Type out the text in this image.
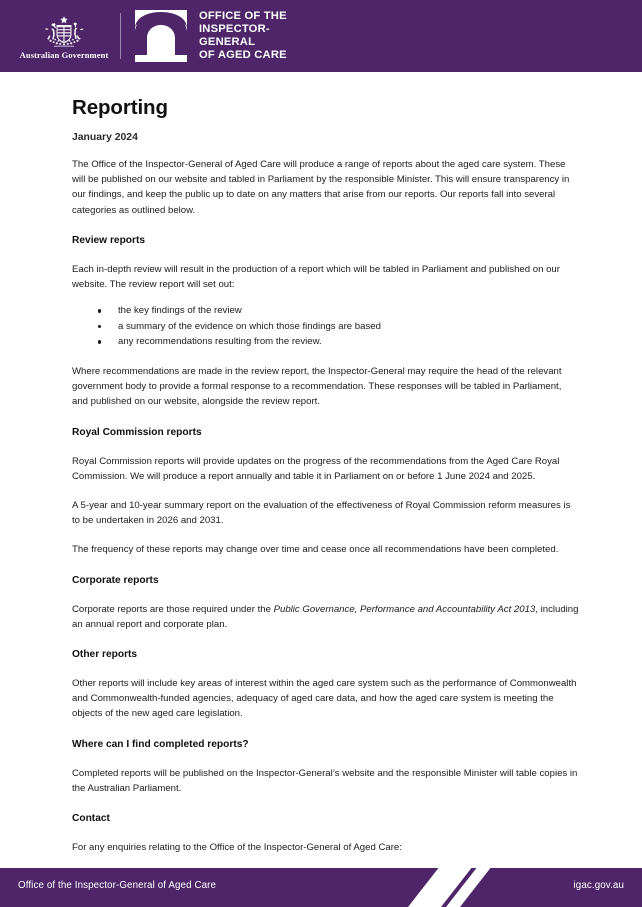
Australian Government
OFFICE OF THE
INSPECTOR-
GENERAL
OF AGED CARE
Reporting
January 2024

The Office of the Inspector-General of Aged Care will produce a range of reports about the aged care system. These will be published on our website and tabled in Parliament by the responsible Minister. This will ensure transparency in our findings, and keep the public up to date on any matters that arise from our reports. Our reports fall into several categories as outlined below.

Review reports

Each in-depth review will result in the production of a report which will be tabled in Parliament and published on our website. The review report will set out:

the key findings of the review
a summary of the evidence on which those findings are based
any recommendations resulting from the review.

Where recommendations are made in the review report, the Inspector-General may require the head of the relevant government body to provide a formal response to a recommendation. These responses will be tabled in Parliament, and published on our website, alongside the review report.

Royal Commission reports

Royal Commission reports will provide updates on the progress of the recommendations from the Aged Care Royal Commission. We will produce a report annually and table it in Parliament on or before 1 June 2024 and 2025.

A 5-year and 10-year summary report on the evaluation of the effectiveness of Royal Commission reform measures is to be undertaken in 2026 and 2031.

The frequency of these reports may change over time and cease once all recommendations have been completed.

Corporate reports

Corporate reports are those required under the Public Governance, Performance and Accountability Act 2013, including an annual report and corporate plan.

Other reports

Other reports will include key areas of interest within the aged care system such as the performance of Commonwealth and Commonwealth-funded agencies, adequacy of aged care data, and how the aged care system is meeting the objects of the new aged care legislation.

Where can I find completed reports?

Completed reports will be published on the Inspector-General’s website and the responsible Minister will table copies in the Australian Parliament.

Contact

For any enquiries relating to the Office of the Inspector-General of Aged Care:

Office of the Inspector-General of Aged Care	igac.gov.au
